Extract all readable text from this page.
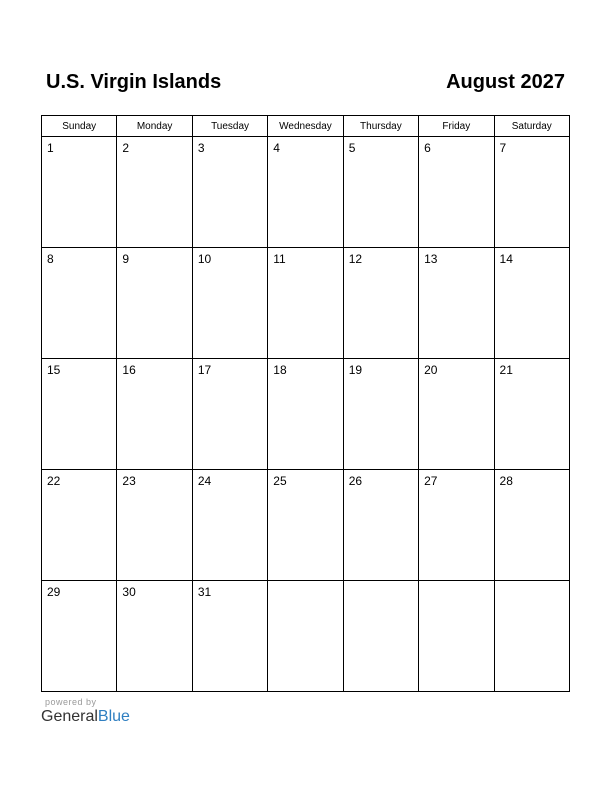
U.S. Virgin Islands	August 2027
Sunday	Monday	Tuesday	Wednesday	Thursday	Friday	Saturday

1	2	3	4	5	6	7

8	9	10	11	12	13	14

15	16	17	18	19	20	21

22	23	24	25	26	27	28

29	30	31				

powered by
GeneralBlue
